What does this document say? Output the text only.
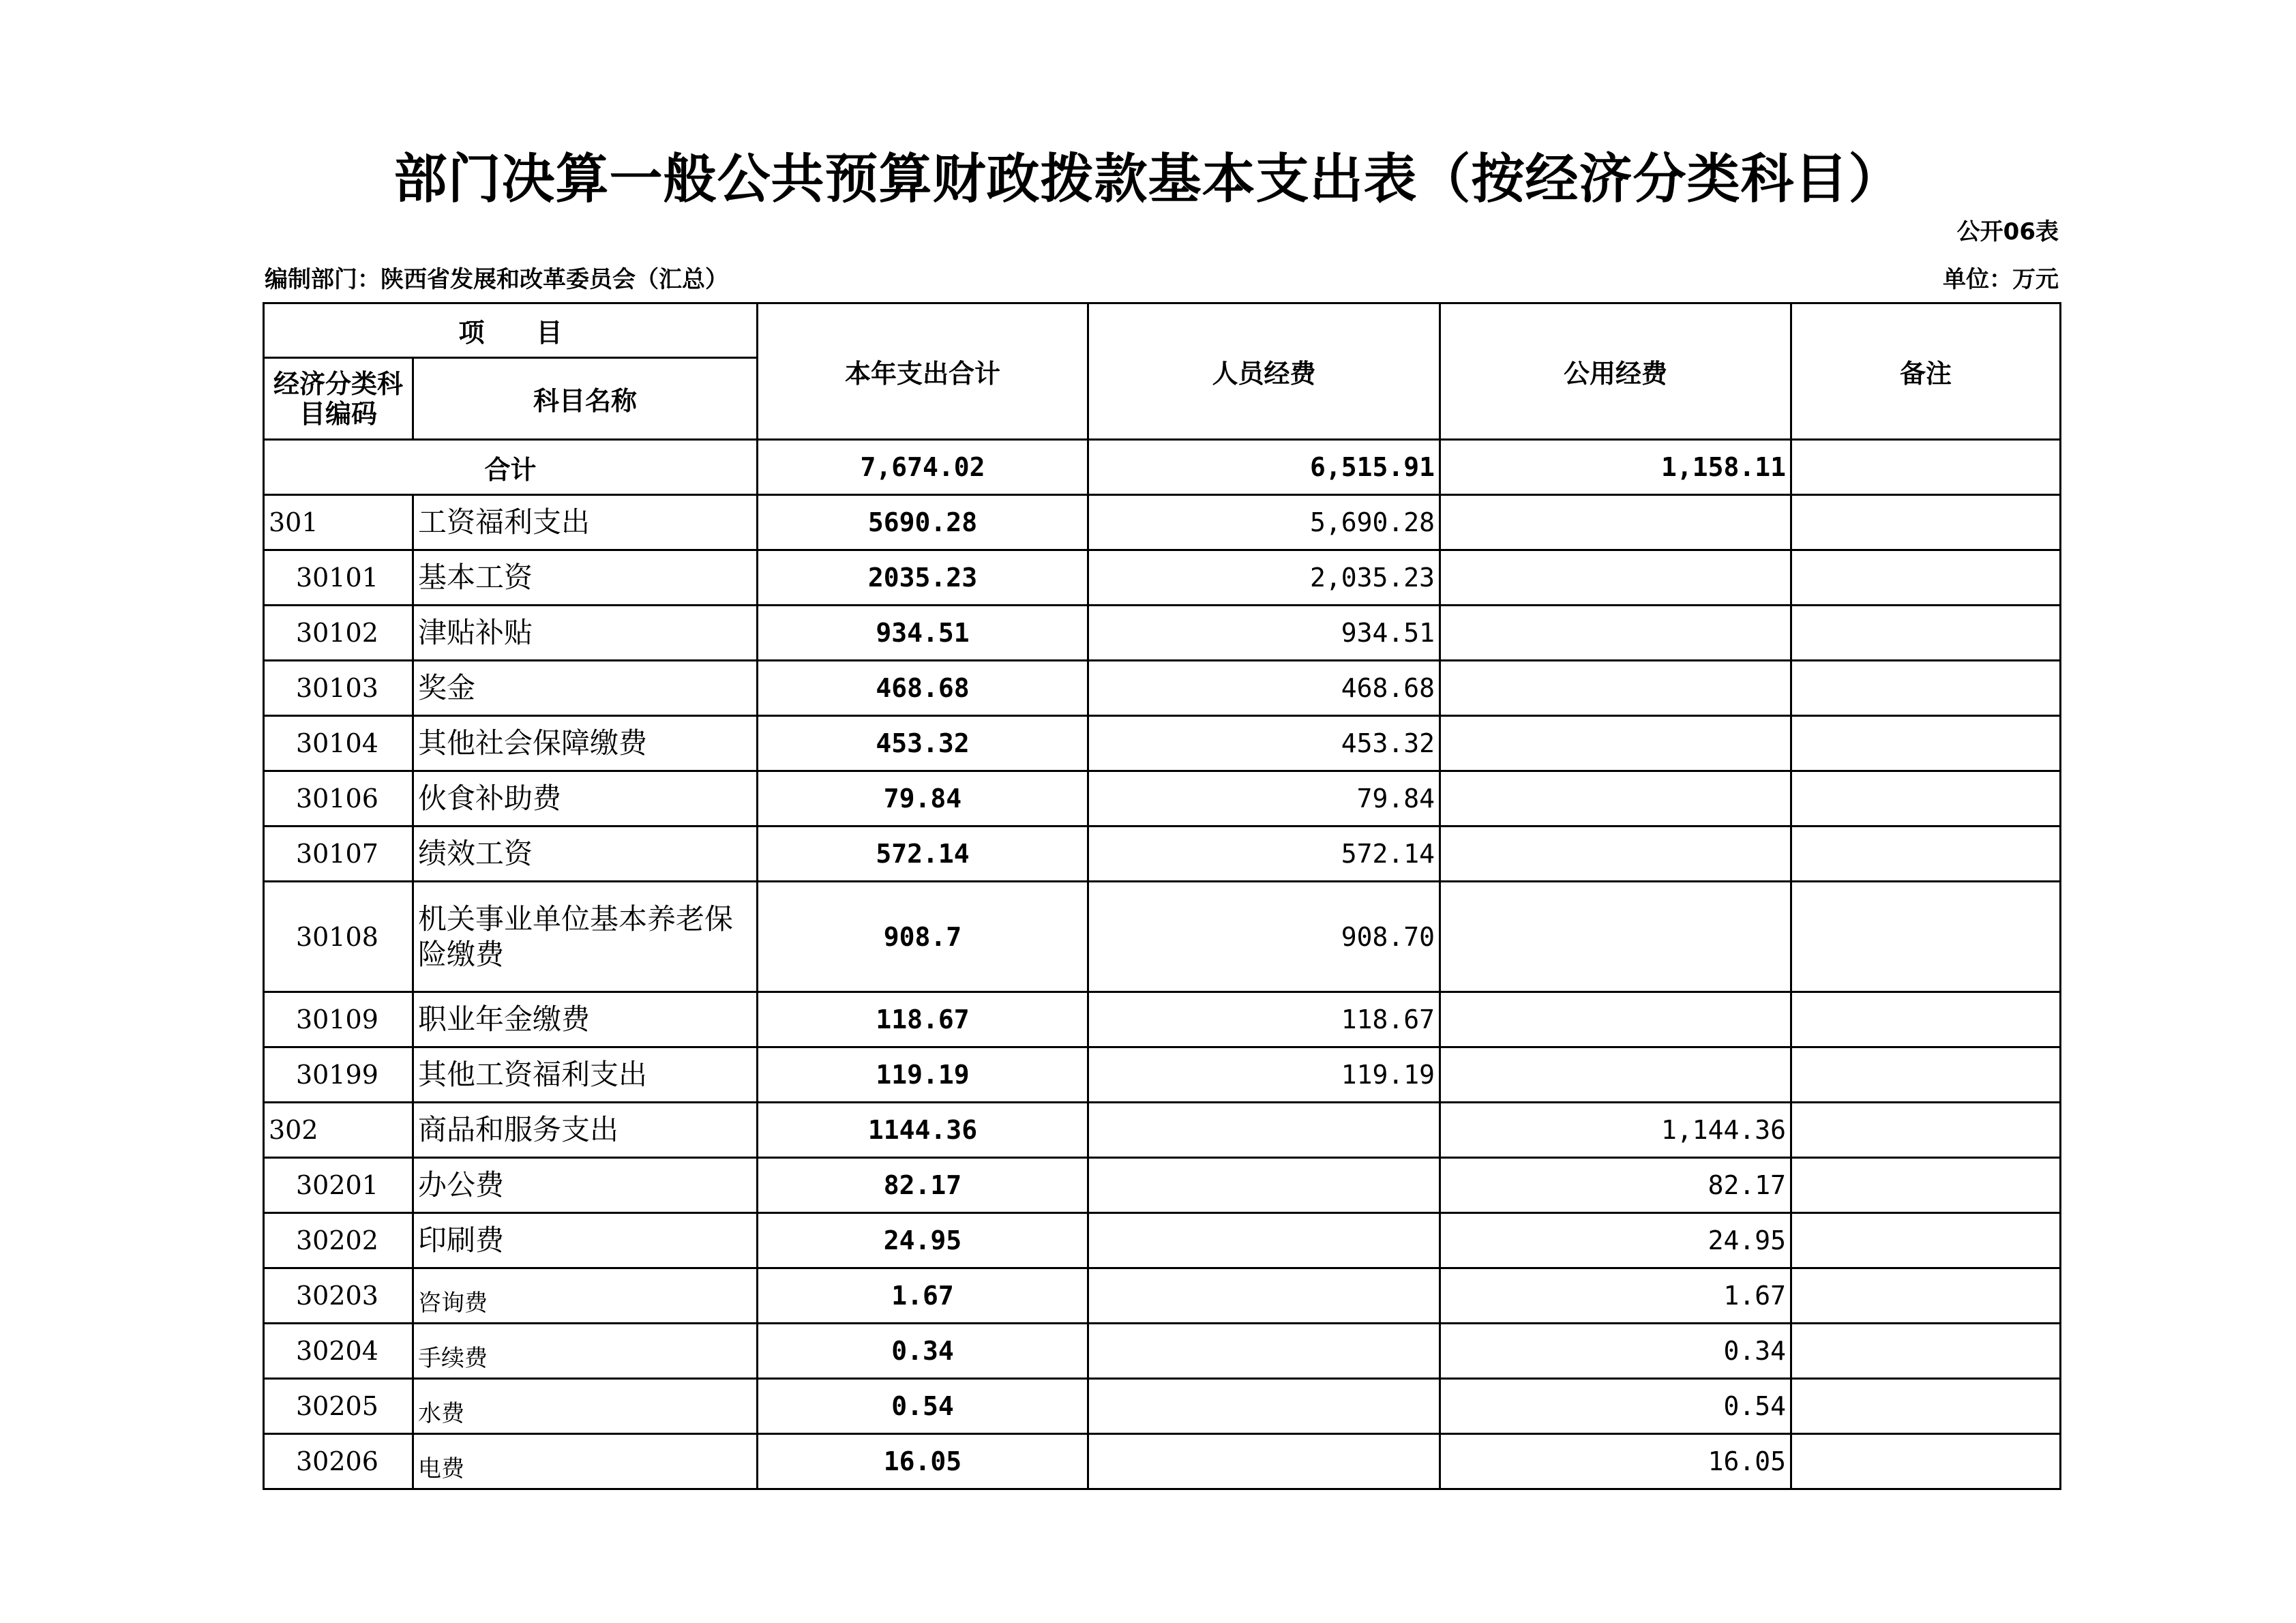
部门决算一般公共预算财政拨款基本支出表（按经济分类科目）
公开06表
编制部门：陕西省发展和改革委员会（汇总）	单位：万元
项　　目		本年支出合计	人员经费	公用经费	备注
经济分类科目编码	科目名称				
合计		7,674.02	6,515.91	1,158.11	
301	工资福利支出	5690.28	5,690.28		
30101	基本工资	2035.23	2,035.23		
30102	津贴补贴	934.51	934.51		
30103	奖金	468.68	468.68		
30104	其他社会保障缴费	453.32	453.32		
30106	伙食补助费	79.84	79.84		
30107	绩效工资	572.14	572.14		
30108	机关事业单位基本养老保险缴费	908.7	908.70		
30109	职业年金缴费	118.67	118.67		
30199	其他工资福利支出	119.19	119.19		
302	商品和服务支出	1144.36		1,144.36	
30201	办公费	82.17		82.17	
30202	印刷费	24.95		24.95	
30203	咨询费	1.67		1.67	
30204	手续费	0.34		0.34	
30205	水费	0.54		0.54	
30206	电费	16.05		16.05	
